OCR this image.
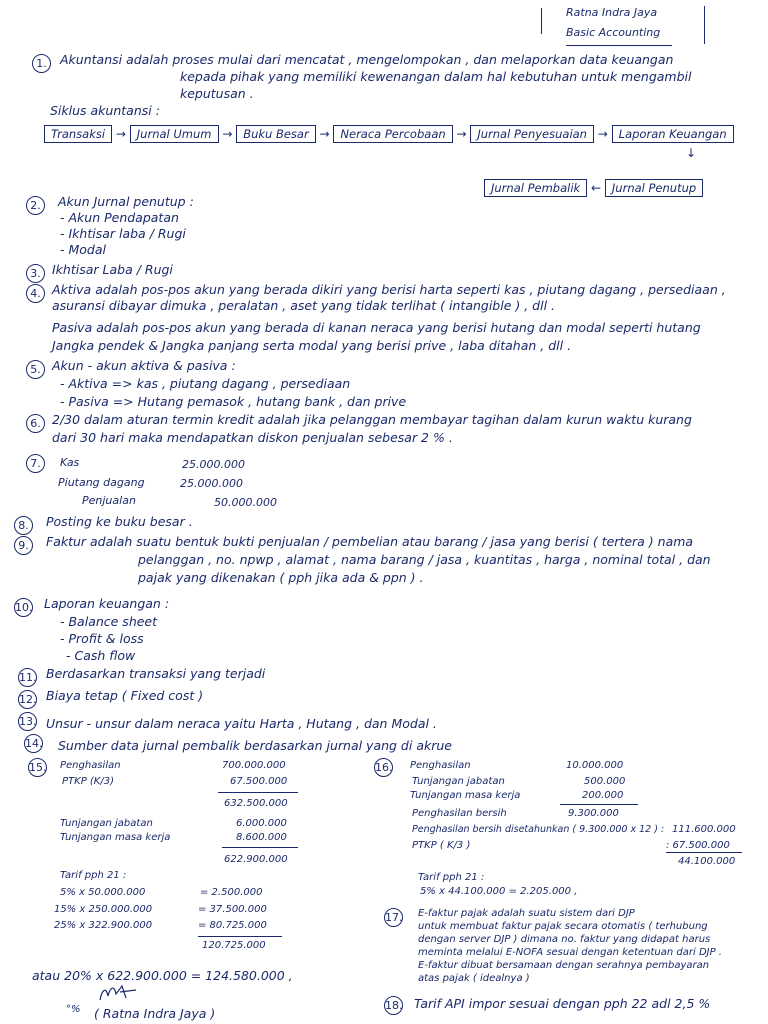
Ratna Indra Jaya
Basic Accounting
1.	Akuntansi adalah proses mulai dari mencatat , mengelompokan , dan melaporkan data keuangan
kepada pihak yang memiliki kewenangan dalam hal kebutuhan untuk mengambil
keputusan .
Siklus akuntansi :
Transaksi → Jurnal Umum → Buku Besar → Neraca Percobaan → Jurnal Penyesuaian → Laporan Keuangan
↓
Jurnal Pembalik ← Jurnal Penutup
2.	Akun Jurnal penutup :
- Akun Pendapatan
- Ikhtisar laba / Rugi
- Modal
3. Ikhtisar Laba / Rugi
4. Aktiva adalah pos-pos akun yang berada dikiri yang berisi harta seperti kas , piutang dagang , persediaan ,
asuransi dibayar dimuka , peralatan , aset yang tidak terlihat ( intangible ) , dll .
Pasiva adalah pos-pos akun yang berada di kanan neraca yang berisi hutang dan modal seperti hutang
Jangka pendek & Jangka panjang serta modal yang berisi prive , laba ditahan , dll .
5. Akun - akun aktiva & pasiva :
- Aktiva => kas , piutang dagang , persediaan
- Pasiva => Hutang pemasok , hutang bank , dan prive
6. 2/30 dalam aturan termin kredit adalah jika pelanggan membayar tagihan dalam kurun waktu kurang
dari 30 hari maka mendapatkan diskon penjualan sebesar 2 % .
7.	Kas	25.000.000
Piutang dagang	25.000.000
Penjualan	50.000.000
8.	Posting ke buku besar .
9.	Faktur adalah suatu bentuk bukti penjualan / pembelian atau barang / jasa yang berisi ( tertera ) nama
pelanggan , no. npwp , alamat , nama barang / jasa , kuantitas , harga , nominal total , dan
pajak yang dikenakan ( pph jika ada & ppn ) .
10. Laporan keuangan :
- Balance sheet
- Profit & loss
- Cash flow
11. Berdasarkan transaksi yang terjadi
12. Biaya tetap ( Fixed cost )
13. Unsur - unsur dalam neraca yaitu Harta , Hutang , dan Modal .
14. Sumber data jurnal pembalik berdasarkan jurnal yang di akrue
15. Penghasilan	700.000.000
PTKP (K/3)	67.500.000
632.500.000
Tunjangan jabatan	6.000.000
Tunjangan masa kerja	8.600.000
622.900.000
Tarif pph 21 :
5% x 50.000.000	= 2.500.000
15% x 250.000.000	= 37.500.000
25% x 322.900.000	= 80.725.000
120.725.000
atau 20% x 622.900.000 = 124.580.000 ,
16. Penghasilan	10.000.000
Tunjangan jabatan	500.000
Tunjangan masa kerja	200.000
Penghasilan bersih	9.300.000
Penghasilan bersih disetahunkan ( 9.300.000 x 12 ) : 111.600.000
PTKP ( K/3 )	: 67.500.000
44.100.000
Tarif pph 21 :
5% x 44.100.000 = 2.205.000 ,
17. E-faktur pajak adalah suatu sistem dari DJP
untuk membuat faktur pajak secara otomatis ( terhubung
dengan server DJP ) dimana no. faktur yang didapat harus
meminta melalui E-NOFA sesuai dengan ketentuan dari DJP .
E-faktur dibuat bersamaan dengan serahnya pembayaran
atas pajak ( idealnya )
18. Tarif API impor sesuai dengan pph 22 adl 2,5 %
°% ( Ratna Indra Jaya )
